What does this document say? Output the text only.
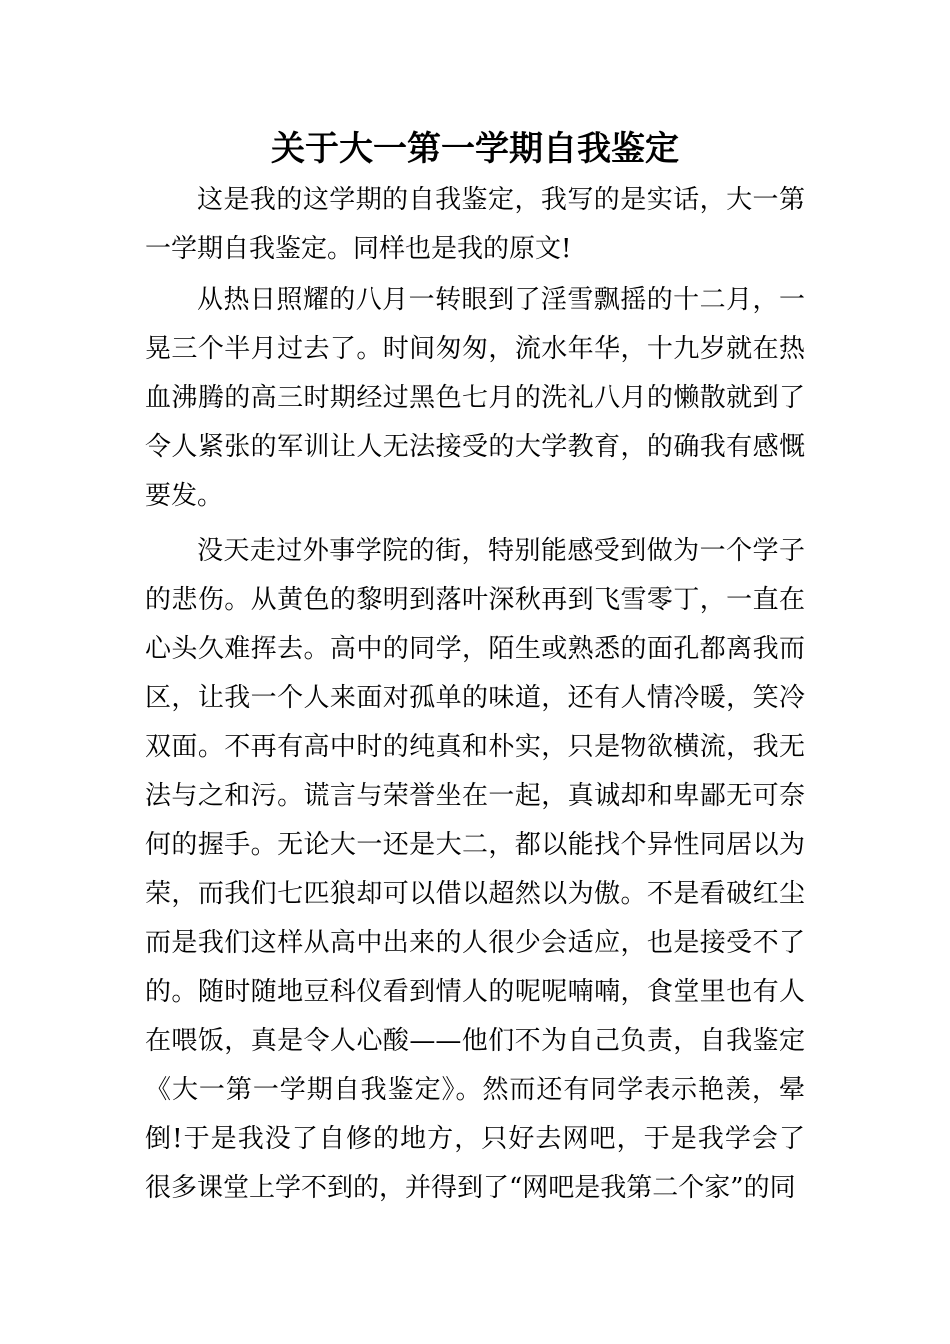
关于大一第一学期自我鉴定

这是我的这学期的自我鉴定，我写的是实话，大一第一学期自我鉴定。同样也是我的原文!

从热日照耀的八月一转眼到了淫雪飘摇的十二月，一晃三个半月过去了。时间匆匆，流水年华，十九岁就在热血沸腾的高三时期经过黑色七月的洗礼八月的懒散就到了令人紧张的军训让人无法接受的大学教育，的确我有感慨要发。

没天走过外事学院的街，特别能感受到做为一个学子的悲伤。从黄色的黎明到落叶深秋再到飞雪零丁，一直在心头久难挥去。高中的同学，陌生或熟悉的面孔都离我而区，让我一个人来面对孤单的味道，还有人情冷暖，笑冷双面。不再有高中时的纯真和朴实，只是物欲横流，我无法与之和污。谎言与荣誉坐在一起，真诚却和卑鄙无可奈何的握手。无论大一还是大二，都以能找个异性同居以为荣，而我们七匹狼却可以借以超然以为傲。不是看破红尘而是我们这样从高中出来的人很少会适应，也是接受不了的。随时随地豆科仪看到情人的呢呢喃喃，食堂里也有人在喂饭，真是令人心酸——他们不为自己负责，自我鉴定《大一第一学期自我鉴定》。然而还有同学表示艳羡，晕倒!于是我没了自修的地方，只好去网吧，于是我学会了很多课堂上学不到的，并得到了“网吧是我第二个家”的同
